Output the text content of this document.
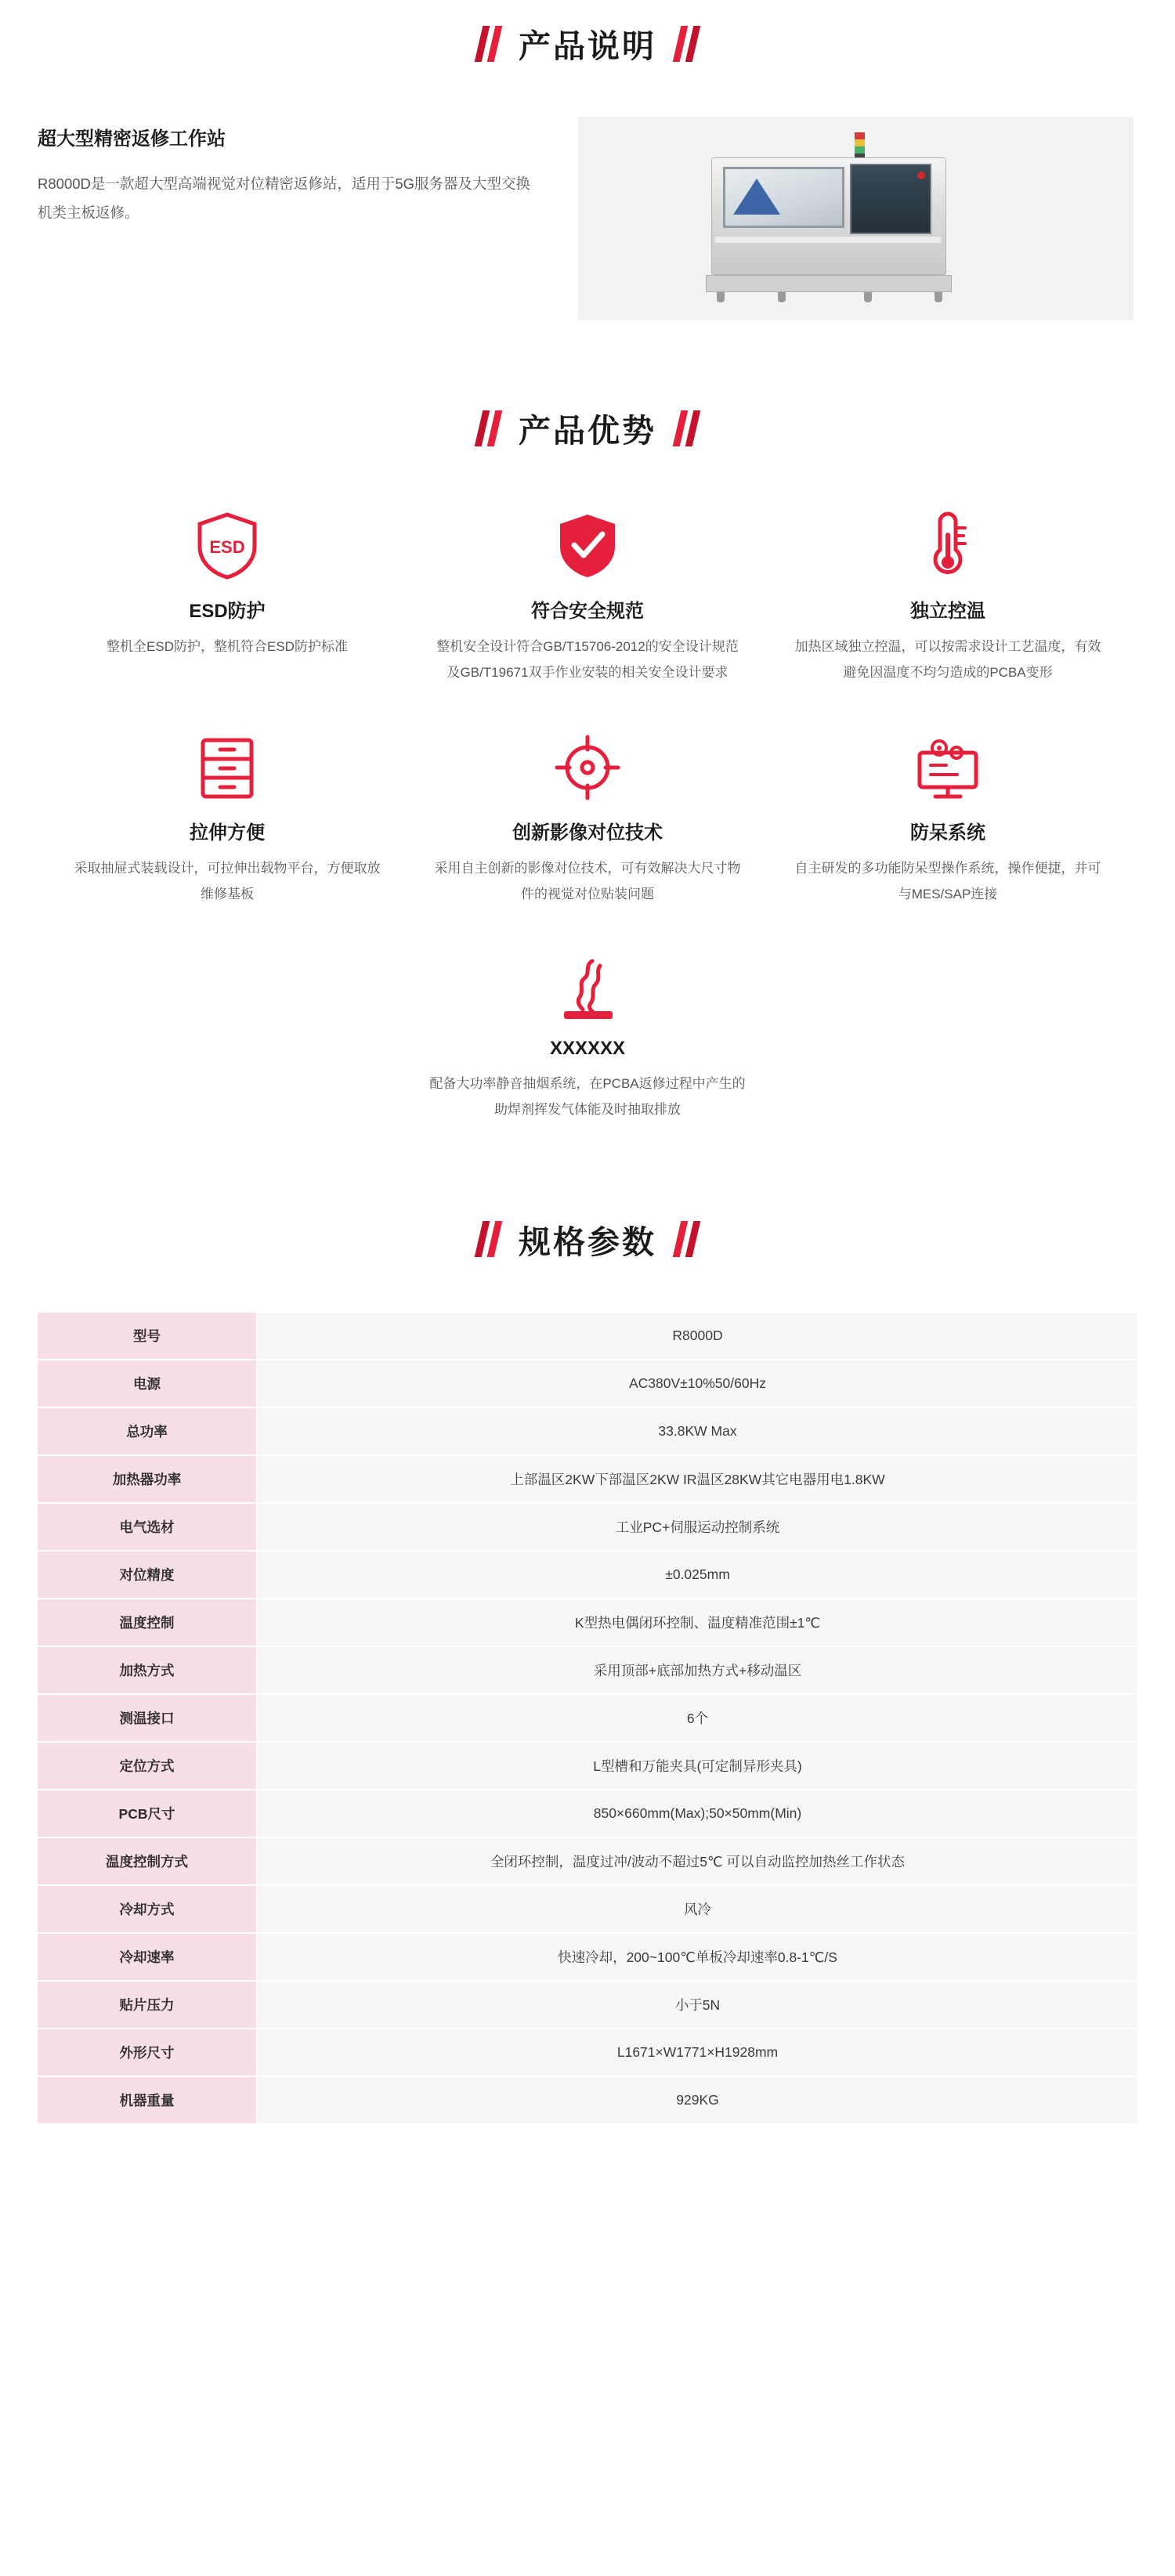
产品说明
超大型精密返修工作站
R8000D是一款超大型高端视觉对位精密返修站，适用于5G服务器及大型交换机类主板返修。
产品优势
ESD
ESD防护
整机全ESD防护，整机符合ESD防护标准
符合安全规范
整机安全设计符合GB/T15706-2012的安全设计规范及GB/T19671双手作业安装的相关安全设计要求
独立控温
加热区域独立控温，可以按需求设计工艺温度，有效避免因温度不均匀造成的PCBA变形
拉伸方便
采取抽屉式装载设计，可拉伸出载物平台，方便取放维修基板
创新影像对位技术
采用自主创新的影像对位技术，可有效解决大尺寸物件的视觉对位贴装问题
防呆系统
自主研发的多功能防呆型操作系统，操作便捷，并可与MES/SAP连接
XXXXXX
配备大功率静音抽烟系统，在PCBA返修过程中产生的助焊剂挥发气体能及时抽取排放
规格参数
型号	R8000D
电源	AC380V±10%50/60Hz
总功率	33.8KW Max
加热器功率	上部温区2KW下部温区2KW IR温区28KW其它电器用电1.8KW
电气选材	工业PC+伺服运动控制系统
对位精度	±0.025mm
温度控制	K型热电偶闭环控制、温度精准范围±1℃
加热方式	采用顶部+底部加热方式+移动温区
测温接口	6个
定位方式	L型槽和万能夹具(可定制异形夹具)
PCB尺寸	850×660mm(Max);50×50mm(Min)
温度控制方式	全闭环控制，温度过冲/波动不超过5℃ 可以自动监控加热丝工作状态
冷却方式	风冷
冷却速率	快速冷却，200~100℃单板冷却速率0.8-1℃/S
贴片压力	小于5N
外形尺寸	L1671×W1771×H1928mm
机器重量	929KG
